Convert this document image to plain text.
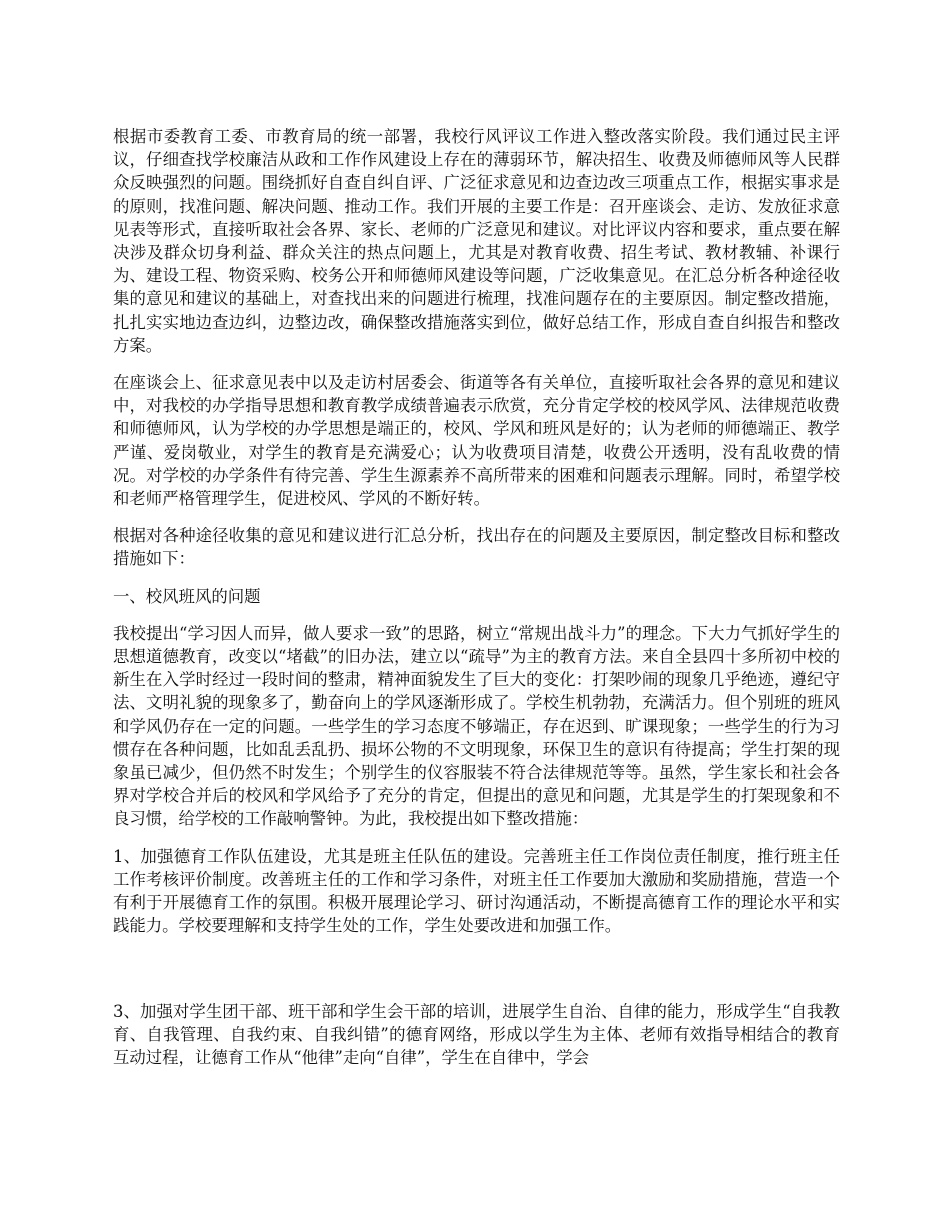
根据市委教育工委、市教育局的统一部署，我校行风评议工作进入整改落实阶段。我们通过民主评议，仔细查找学校廉洁从政和工作作风建设上存在的薄弱环节，解决招生、收费及师德师风等人民群众反映强烈的问题。围绕抓好自查自纠自评、广泛征求意见和边查边改三项重点工作，根据实事求是的原则，找准问题、解决问题、推动工作。我们开展的主要工作是：召开座谈会、走访、发放征求意见表等形式，直接听取社会各界、家长、老师的广泛意见和建议。对比评议内容和要求，重点要在解决涉及群众切身利益、群众关注的热点问题上，尤其是对教育收费、招生考试、教材教辅、补课行为、建设工程、物资采购、校务公开和师德师风建设等问题，广泛收集意见。在汇总分析各种途径收集的意见和建议的基础上，对查找出来的问题进行梳理，找准问题存在的主要原因。制定整改措施，扎扎实实地边查边纠，边整边改，确保整改措施落实到位，做好总结工作，形成自查自纠报告和整改方案。

在座谈会上、征求意见表中以及走访村居委会、街道等各有关单位，直接听取社会各界的意见和建议中，对我校的办学指导思想和教育教学成绩普遍表示欣赏，充分肯定学校的校风学风、法律规范收费和师德师风，认为学校的办学思想是端正的，校风、学风和班风是好的；认为老师的师德端正、教学严谨、爱岗敬业，对学生的教育是充满爱心；认为收费项目清楚，收费公开透明，没有乱收费的情况。对学校的办学条件有待完善、学生生源素养不高所带来的困难和问题表示理解。同时，希望学校和老师严格管理学生，促进校风、学风的不断好转。

根据对各种途径收集的意见和建议进行汇总分析，找出存在的问题及主要原因，制定整改目标和整改措施如下：

一、校风班风的问题

我校提出“学习因人而异，做人要求一致”的思路，树立“常规出战斗力”的理念。下大力气抓好学生的思想道德教育，改变以“堵截”的旧办法，建立以“疏导”为主的教育方法。来自全县四十多所初中校的新生在入学时经过一段时间的整肃，精神面貌发生了巨大的变化：打架吵闹的现象几乎绝迹，遵纪守法、文明礼貌的现象多了，勤奋向上的学风逐渐形成了。学校生机勃勃，充满活力。但个别班的班风和学风仍存在一定的问题。一些学生的学习态度不够端正，存在迟到、旷课现象；一些学生的行为习惯存在各种问题，比如乱丢乱扔、损坏公物的不文明现象，环保卫生的意识有待提高；学生打架的现象虽已减少，但仍然不时发生；个别学生的仪容服装不符合法律规范等等。虽然，学生家长和社会各界对学校合并后的校风和学风给予了充分的肯定，但提出的意见和问题，尤其是学生的打架现象和不良习惯，给学校的工作敲响警钟。为此，我校提出如下整改措施：

1、加强德育工作队伍建设，尤其是班主任队伍的建设。完善班主任工作岗位责任制度，推行班主任工作考核评价制度。改善班主任的工作和学习条件，对班主任工作要加大激励和奖励措施，营造一个有利于开展德育工作的氛围。积极开展理论学习、研讨沟通活动，不断提高德育工作的理论水平和实践能力。学校要理解和支持学生处的工作，学生处要改进和加强工作。

3、加强对学生团干部、班干部和学生会干部的培训，进展学生自治、自律的能力，形成学生“自我教育、自我管理、自我约束、自我纠错”的德育网络，形成以学生为主体、老师有效指导相结合的教育互动过程，让德育工作从“他律”走向“自律”，学生在自律中，学会
